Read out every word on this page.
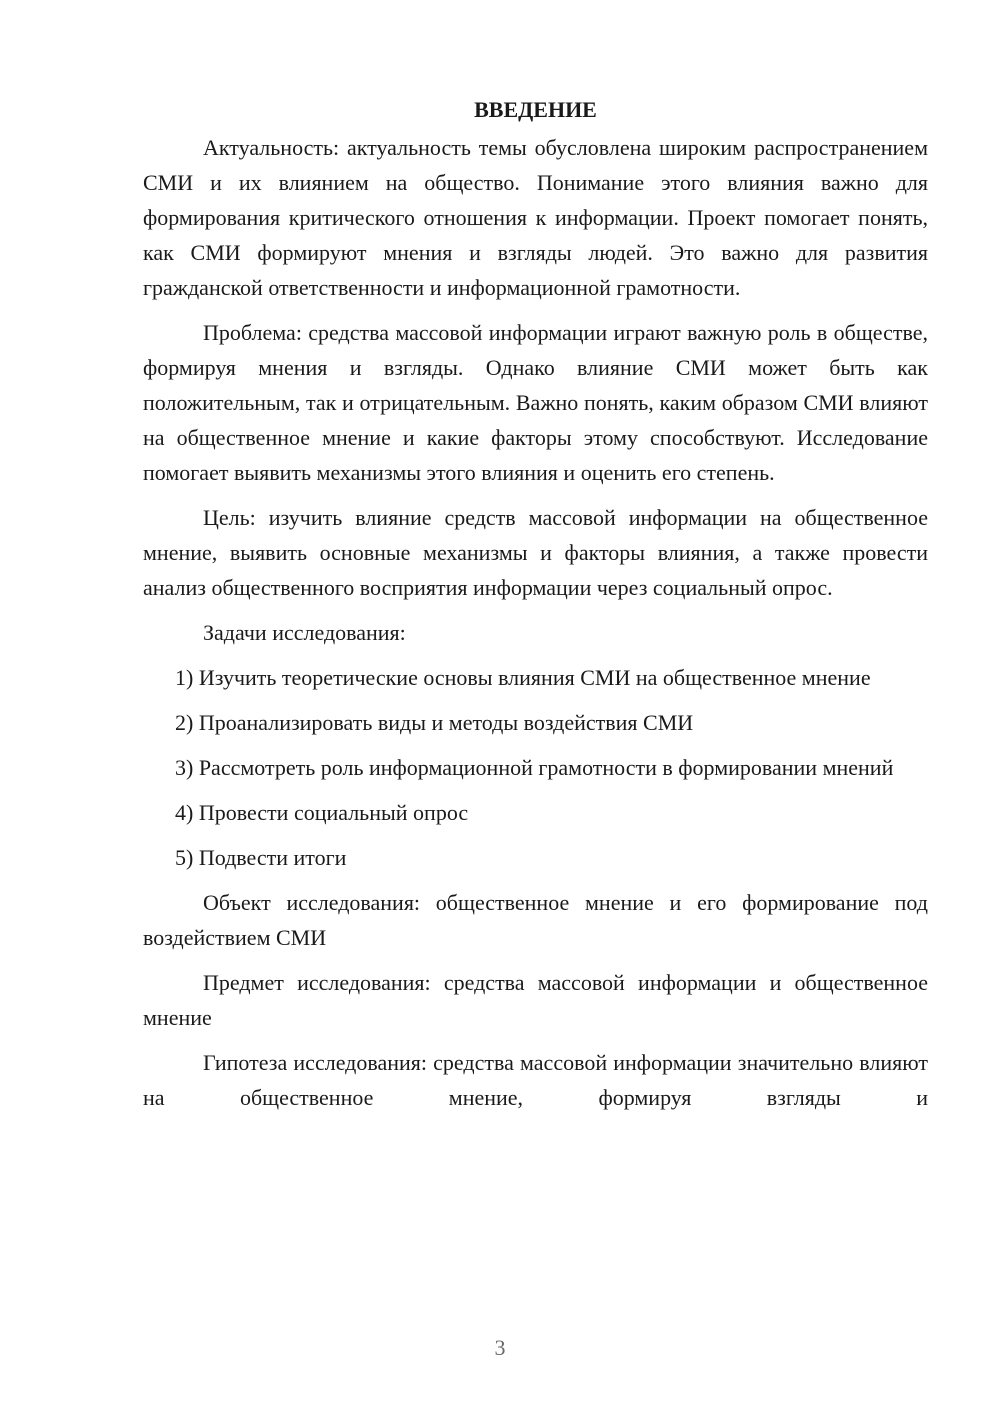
ВВЕДЕНИЕ

Актуальность: актуальность темы обусловлена широким распространением СМИ и их влиянием на общество. Понимание этого влияния важно для формирования критического отношения к информации. Проект помогает понять, как СМИ формируют мнения и взгляды людей. Это важно для развития гражданской ответственности и информационной грамотности.

Проблема: средства массовой информации играют важную роль в обществе, формируя мнения и взгляды. Однако влияние СМИ может быть как положительным, так и отрицательным. Важно понять, каким образом СМИ влияют на общественное мнение и какие факторы этому способствуют. Исследование помогает выявить механизмы этого влияния и оценить его степень.

Цель: изучить влияние средств массовой информации на общественное мнение, выявить основные механизмы и факторы влияния, а также провести анализ общественного восприятия информации через социальный опрос.

Задачи исследования:

1) Изучить теоретические основы влияния СМИ на общественное мнение

2) Проанализировать виды и методы воздействия СМИ

3) Рассмотреть роль информационной грамотности в формировании мнений

4) Провести социальный опрос

5) Подвести итоги

Объект исследования: общественное мнение и его формирование под воздействием СМИ

Предмет исследования: средства массовой информации и общественное мнение

Гипотеза исследования: средства массовой информации значительно влияют на общественное мнение, формируя взгляды и

3
